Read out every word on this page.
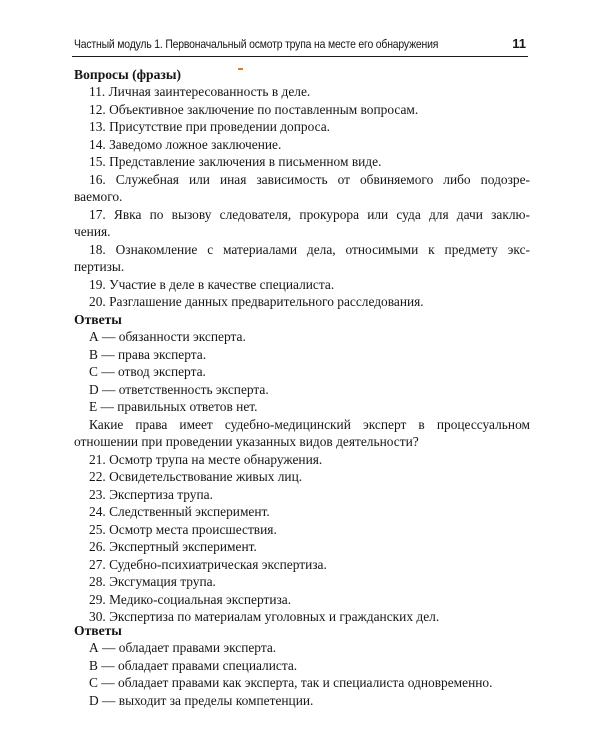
Частный модуль 1. Первоначальный осмотр трупа на месте его обнаружения	11
Вопросы (фразы)
11. Личная заинтересованность в деле.
12. Объективное заключение по поставленным вопросам.
13. Присутствие при проведении допроса.
14. Заведомо ложное заключение.
15. Представление заключения в письменном виде.
16. Служебная или иная зависимость от обвиняемого либо подозре-
ваемого.
17. Явка по вызову следователя, прокурора или суда для дачи заклю-
чения.
18. Ознакомление с материалами дела, относимыми к предмету экс-
пертизы.
19. Участие в деле в качестве специалиста.
20. Разглашение данных предварительного расследования.
Ответы
А — обязанности эксперта.
В — права эксперта.
С — отвод эксперта.
D — ответственность эксперта.
Е — правильных ответов нет.
Какие права имеет судебно-медицинский эксперт в процессуальном
отношении при проведении указанных видов деятельности?
21. Осмотр трупа на месте обнаружения.
22. Освидетельствование живых лиц.
23. Экспертиза трупа.
24. Следственный эксперимент.
25. Осмотр места происшествия.
26. Экспертный эксперимент.
27. Судебно-психиатрическая экспертиза.
28. Эксгумация трупа.
29. Медико-социальная экспертиза.
30. Экспертиза по материалам уголовных и гражданских дел.
Ответы
А — обладает правами эксперта.
В — обладает правами специалиста.
С — обладает правами как эксперта, так и специалиста одновременно.
D — выходит за пределы компетенции.
